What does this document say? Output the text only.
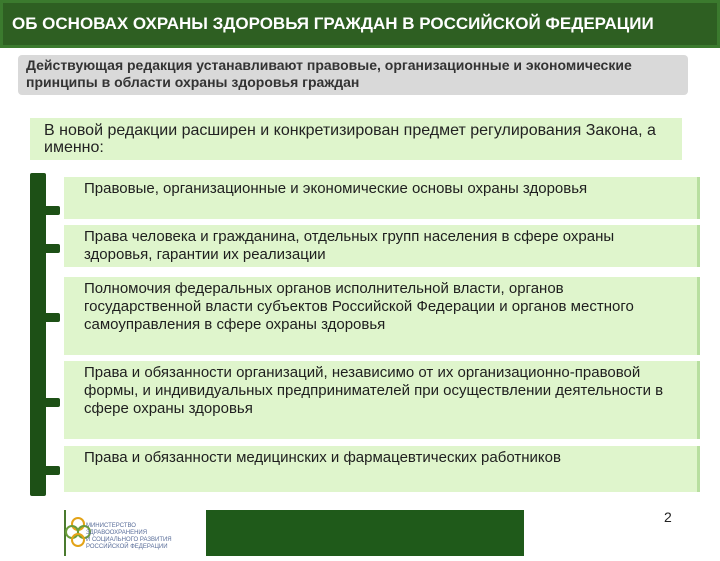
ОБ ОСНОВАХ ОХРАНЫ ЗДОРОВЬЯ ГРАЖДАН В РОССИЙСКОЙ ФЕДЕРАЦИИ
Действующая редакция устанавливают правовые, организационные и экономические принципы в области охраны здоровья граждан
В новой редакции расширен и конкретизирован предмет регулирования Закона, а именно:
Правовые, организационные и экономические основы охраны здоровья
Права человека и гражданина, отдельных групп населения в сфере охраны здоровья, гарантии их реализации
Полномочия федеральных органов исполнительной власти, органов государственной власти субъектов Российской Федерации и органов местного самоуправления в сфере охраны здоровья
Права и обязанности организаций, независимо от их организационно-правовой формы, и индивидуальных предпринимателей при осуществлении деятельности в сфере охраны здоровья
Права и обязанности медицинских и фармацевтических работников
МИНИСТЕРСТВО
ЗДРАВООХРАНЕНИЯ
И СОЦИАЛЬНОГО РАЗВИТИЯ
РОССИЙСКОЙ ФЕДЕРАЦИИ
2
